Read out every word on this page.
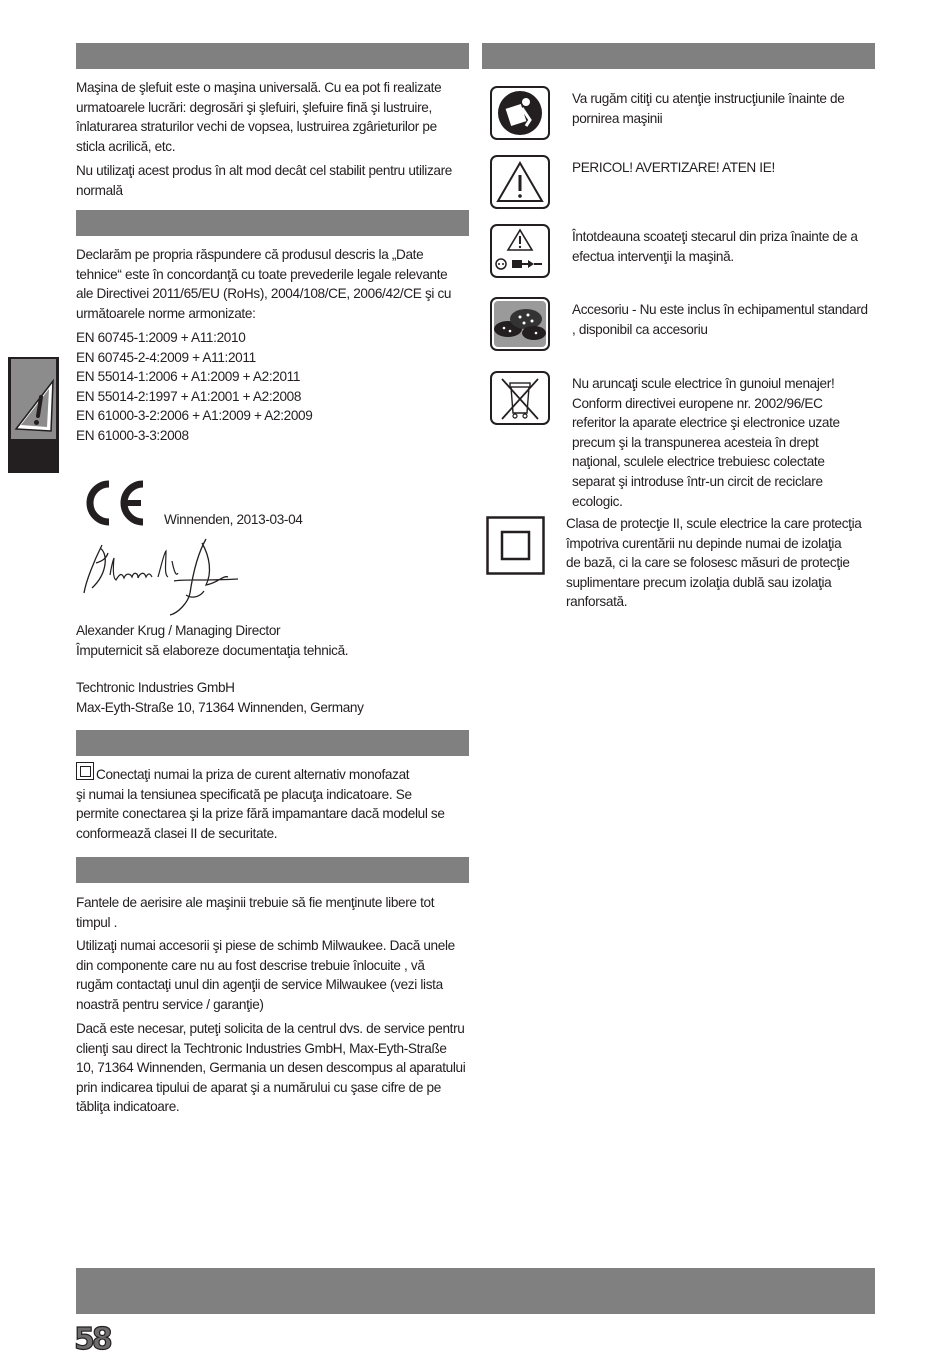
Maşina de şlefuit este o maşina universală. Cu ea pot fi realizate
urmatoarele lucrări: degrosări şi şlefuiri, şlefuire fină şi lustruire,
înlaturarea straturilor vechi de vopsea, lustruirea zgârieturilor pe
sticla acrilică, etc.
Nu utilizaţi acest produs în alt mod decât cel stabilit pentru utilizare
normală
Declarăm pe propria răspundere că produsul descris la „Date
tehnice“ este în concordanţă cu toate prevederile legale relevante
ale Directivei 2011/65/EU (RoHs), 2004/108/CE, 2006/42/CE şi cu
următoarele norme armonizate:
EN 60745-1:2009 + A11:2010
EN 60745-2-4:2009 + A11:2011
EN 55014-1:2006 + A1:2009 + A2:2011
EN 55014-2:1997 + A1:2001 + A2:2008
EN 61000-3-2:2006 + A1:2009 + A2:2009
EN 61000-3-3:2008
Winnenden, 2013-03-04
Alexander Krug / Managing Director
Împuternicit să elaboreze documentaţia tehnică.
Techtronic Industries GmbH
Max-Eyth-Straße 10, 71364 Winnenden, Germany
Conectaţi numai la priza de curent alternativ monofazat
şi numai la tensiunea specificată pe placuţa indicatoare. Se
permite conectarea şi la prize fără impamantare dacă modelul se
conformează clasei II de securitate.
Fantele de aerisire ale maşinii trebuie să fie menţinute libere tot
timpul .
Utilizaţi numai accesorii şi piese de schimb Milwaukee. Dacă unele
din componente care nu au fost descrise trebuie înlocuite , vă
rugăm contactaţi unul din agenţii de service Milwaukee (vezi lista
noastră pentru service / garanţie)
Dacă este necesar, puteţi solicita de la centrul dvs. de service pentru
clienţi sau direct la Techtronic Industries GmbH, Max-Eyth-Straße
10, 71364 Winnenden, Germania un desen descompus al aparatului
prin indicarea tipului de aparat şi a numărului cu şase cifre de pe
tăbliţa indicatoare.
Va rugăm citiţi cu atenţie instrucţiunile înainte de
pornirea maşinii
PERICOL! AVERTIZARE! ATEN IE!
Întotdeauna scoateţi stecarul din priza înainte de a
efectua intervenţii la maşină.
Accesoriu - Nu este inclus în echipamentul standard
, disponibil ca accesoriu
Nu aruncaţi scule electrice în gunoiul menajer!
Conform directivei europene nr. 2002/96/EC
referitor la aparate electrice şi electronice uzate
precum şi la transpunerea acesteia în drept
naţional, sculele electrice trebuiesc colectate
separat şi introduse într-un circit de reciclare
ecologic.
Clasa de protecţie II, scule electrice la care protecţia
împotriva curentării nu depinde numai de izolaţia
de bază, ci la care se folosesc măsuri de protecţie
suplimentare precum izolaţia dublă sau izolaţia
ranforsată.
58
